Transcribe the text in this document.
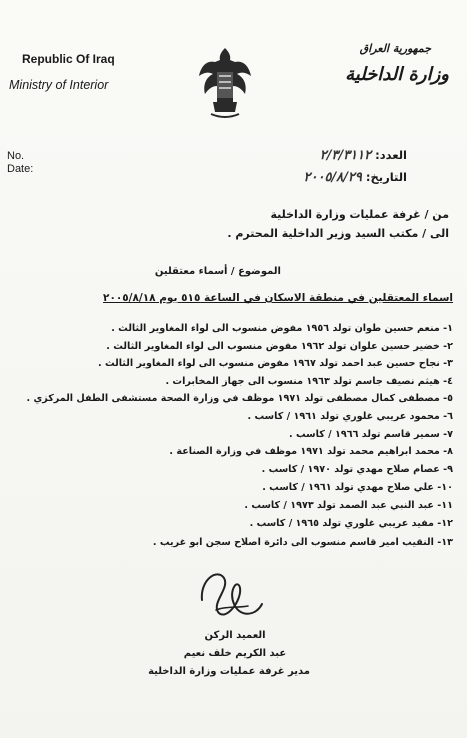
Republic Of Iraq
Ministry of Interior
No.
Date:
جمهورية العراق
وزارة الداخلية
العدد: ٢/٣/٣١١٢
التاريخ: ٢٠٠٥/٨/٢٩
من / غرفة عمليات وزارة الداخلية
الى / مكتب السيد وزير الداخلية المحترم .
الموضوع / أسماء معتقلين
اسماء المعتقلين في منطقة الاسكان في الساعة ٥١٥ يوم ٢٠٠٥/٨/١٨
١- منعم حسين طوان تولد ١٩٥٦ مفوض منسوب الى لواء المغاوير الثالث .
٢- خضير حسين علوان تولد ١٩٦٢ مفوض منسوب الى لواء المغاوير الثالث .
٣- نجاح حسين عبد احمد تولد ١٩٦٧ مفوض منسوب الى لواء المغاوير الثالث .
٤- هيثم نصيف جاسم تولد ١٩٦٣ منسوب الى جهاز المخابرات .
٥- مصطفى كمال مصطفى تولد ١٩٧١ موظف في وزارة الصحة مستشفى الطفل المركزي .
٦- محمود عريبي غلوري تولد ١٩٦١ / كاسب .
٧- سمير قاسم تولد ١٩٦٦ / كاسب .
٨- محمد ابراهيم محمد تولد ١٩٧١ موظف في وزارة الصناعة .
٩- عصام صلاح مهدي تولد ١٩٧٠ / كاسب .
١٠- علي صلاح مهدي تولد ١٩٦١ / كاسب .
١١- عبد النبي عبد الصمد تولد ١٩٧٣ / كاسب .
١٢- مفيد عريبي غلوري تولد ١٩٦٥ / كاسب .
١٣- النقيب امير قاسم منسوب الى دائرة اصلاح سجن ابو غريب .
العميد الركن
عبد الكريم خلف نعيم
مدير غرفة عمليات وزارة الداخلية
